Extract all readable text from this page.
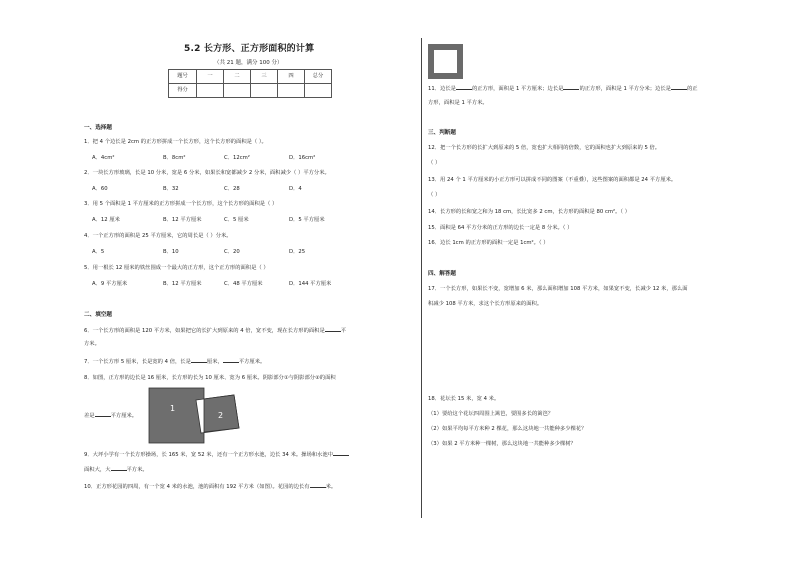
5.2 长方形、正方形面积的计算
（共 21 题，满分 100 分）
题号	一	二	三	四	总分
得分					
一、选择题
1．把 4 个边长是 2cm 的正方形拼成一个长方形，这个长方形的面积是（ ）。
A．4cm²	B．8cm²	C．12cm²	D．16cm²
2．一块长方形玻璃，长是 10 分米，宽是 6 分米，如果长和宽都减少 2 分米，面积减少（ ）平方分米。
A．60	B．32	C．28	D．4
3．用 5 个面积是 1 平方厘米的正方形拼成一个长方形，这个长方形的面积是（ ）
A．12 厘米	B．12 平方厘米	C．5 厘米	D．5 平方厘米
4．一个正方形的面积是 25 平方厘米，它的周长是（ ）分米。
A．5	B．10	C．20	D．25
5．用一根长 12 厘米的铁丝围成一个最大的正方形，这个正方形的面积是（ ）
A．9 平方厘米	B．12 平方厘米	C．48 平方厘米	D．144 平方厘米
二、填空题
6．一个长方形的面积是 120 平方米，如果把它的长扩大到原来的 4 倍，宽不变，现在长方形的面积是	平
方米。
7．一个长方形 5 厘米，长是宽的 4 倍，长是	厘米，	平方厘米。
8．如图，正方形的边长是 16 厘米，长方形的长为 10 厘米、宽为 6 厘米。阴影部分①与阴影部分②的面积
差是	平方厘米。
1
2
9．大坪小学有一个长方形操场，长 165 米，宽 52 米，还有一个正方形水池，边长 34 米。操场和水池中
面积大，大	平方米。
10．正方形花园的四周，有一个宽 4 米的水池，池的面积有 192 平方米（如图）。花园的边长有	米。
11．边长是	的正方形，面积是 1 平方厘米；边长是	的正方形，面积是 1 平方分米；边长是	的正
方形，面积是 1 平方米。
三、判断题
12．把一个长方形的长扩大到原来的 5 倍，宽也扩大相同的倍数，它的面积也扩大到原来的 5 倍。
（ ）
13．用 24 个 1 平方厘米的小正方形可以拼成不同的图案（不重叠），这些图案的面积都是 24 平方厘米。
（ ）
14．长方形的长和宽之和为 18 cm，长比宽多 2 cm，长方形的面积是 80 cm²。（ ）
15．面积是 64 平方分米的正方形的边长一定是 8 分米。（ ）
16．边长 1cm 的正方形的面积一定是 1cm²。（ ）
四、解答题
17．一个长方形，如果长不变，宽增加 6 米，那么面积增加 108 平方米，如果宽不变，长减少 12 米，那么面
积减少 108 平方米，求这个长方形原来的面积。
18．花坛长 15 米，宽 4 米。
（1）要给这个花坛四周围上篱笆，要围多长的篱笆？
（2）如果平均每平方米种 2 棵花，那么这块地一共能种多少棵花？
（3）如果 2 平方米种一棵树，那么这块地一共能种多少棵树？
